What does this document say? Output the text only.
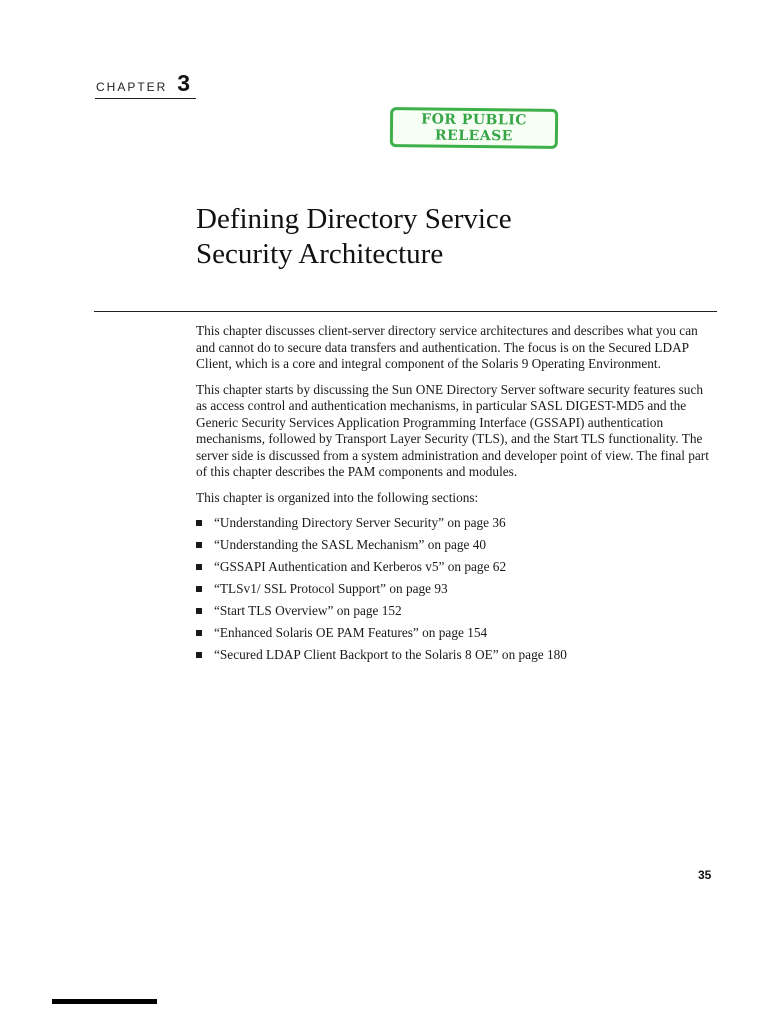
CHAPTER 3
FOR PUBLIC
RELEASE
Defining Directory Service
Security Architecture

This chapter discusses client-server directory service architectures and describes what you can and cannot do to secure data transfers and authentication. The focus is on the Secured LDAP Client, which is a core and integral component of the Solaris 9 Operating Environment.

This chapter starts by discussing the Sun ONE Directory Server software security features such as access control and authentication mechanisms, in particular SASL DIGEST-MD5 and the Generic Security Services Application Programming Interface (GSSAPI) authentication mechanisms, followed by Transport Layer Security (TLS), and the Start TLS functionality. The server side is discussed from a system administration and developer point of view. The final part of this chapter describes the PAM components and modules.

This chapter is organized into the following sections:

“Understanding Directory Server Security” on page 36
“Understanding the SASL Mechanism” on page 40
“GSSAPI Authentication and Kerberos v5” on page 62
“TLSv1/ SSL Protocol Support” on page 93
“Start TLS Overview” on page 152
“Enhanced Solaris OE PAM Features” on page 154
“Secured LDAP Client Backport to the Solaris 8 OE” on page 180
35
